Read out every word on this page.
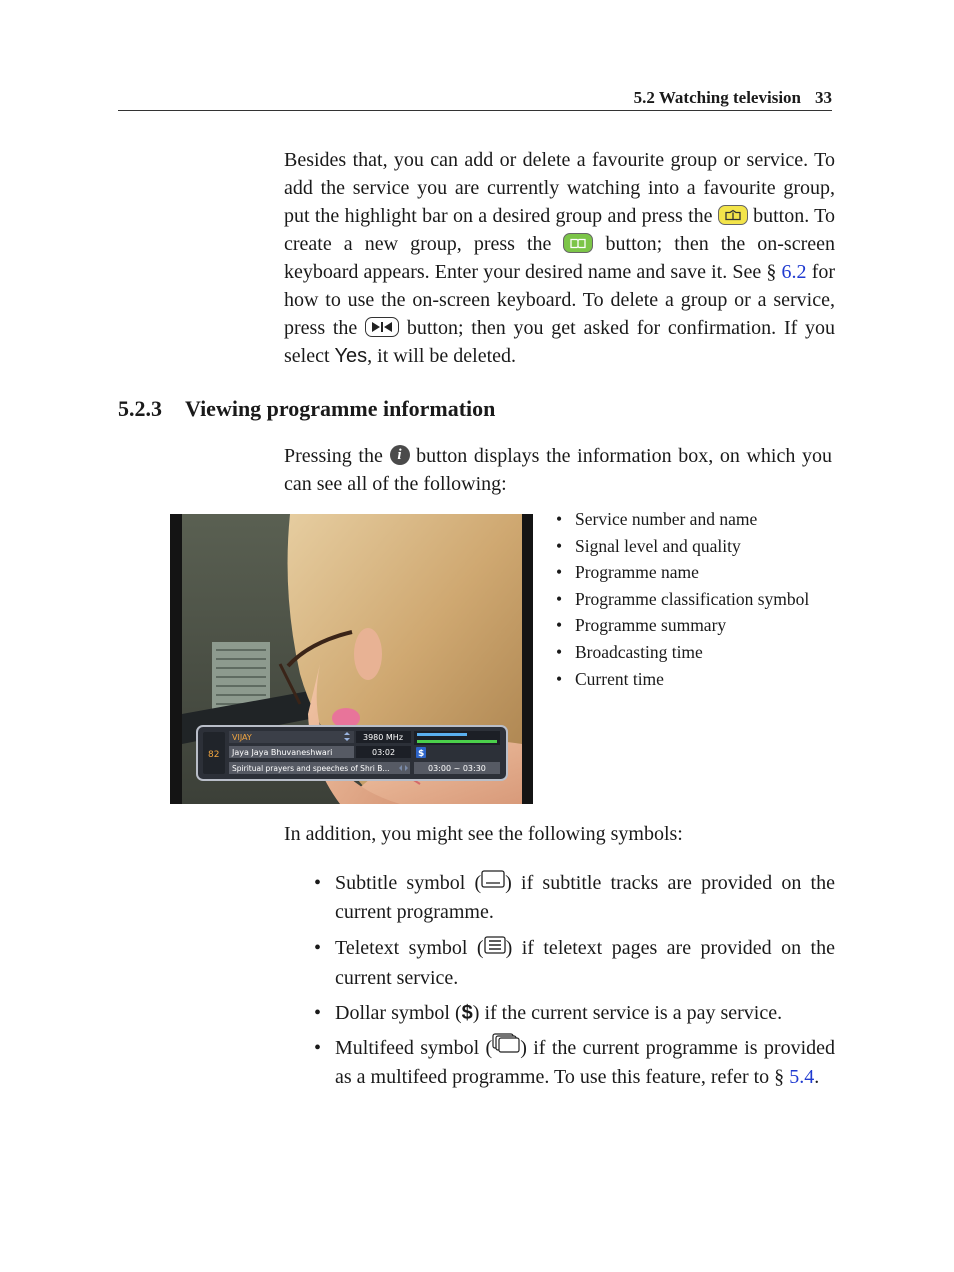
5.2 Watching television 33

Besides that, you can add or delete a favourite group or service. To add the service you are currently watching into a favourite group, put the highlight bar on a desired group and press the button. To create a new group, press the	button; then the on-screen keyboard appears. Enter your desired name and save it. See § 6.2 for how to use the on-screen keyboard. To delete a group or a service, press the button; then you get asked for confirmation. If you select Yes, it will be deleted.

5.2.3 Viewing programme information

Pressing the i button displays the information box, on which you can see all of the following:

82
VIJAY	3980 MHz
Jaya Jaya Bhuvaneshwari	03:02	$
Spiritual prayers and speeches of Shri B...	03:00 ~ 03:30
• Service number and name
• Signal level and quality
• Programme name
• Programme classification symbol
• Programme summary
• Broadcasting time
• Current time

In addition, you might see the following symbols:

• Subtitle symbol ( ) if subtitle tracks are provided on the current programme.
• Teletext symbol ( ) if teletext pages are provided on the current service.
• Dollar symbol ($) if the current service is a pay service.
• Multifeed symbol ( ) if the current programme is provided as a multifeed programme. To use this feature, refer to § 5.4.
